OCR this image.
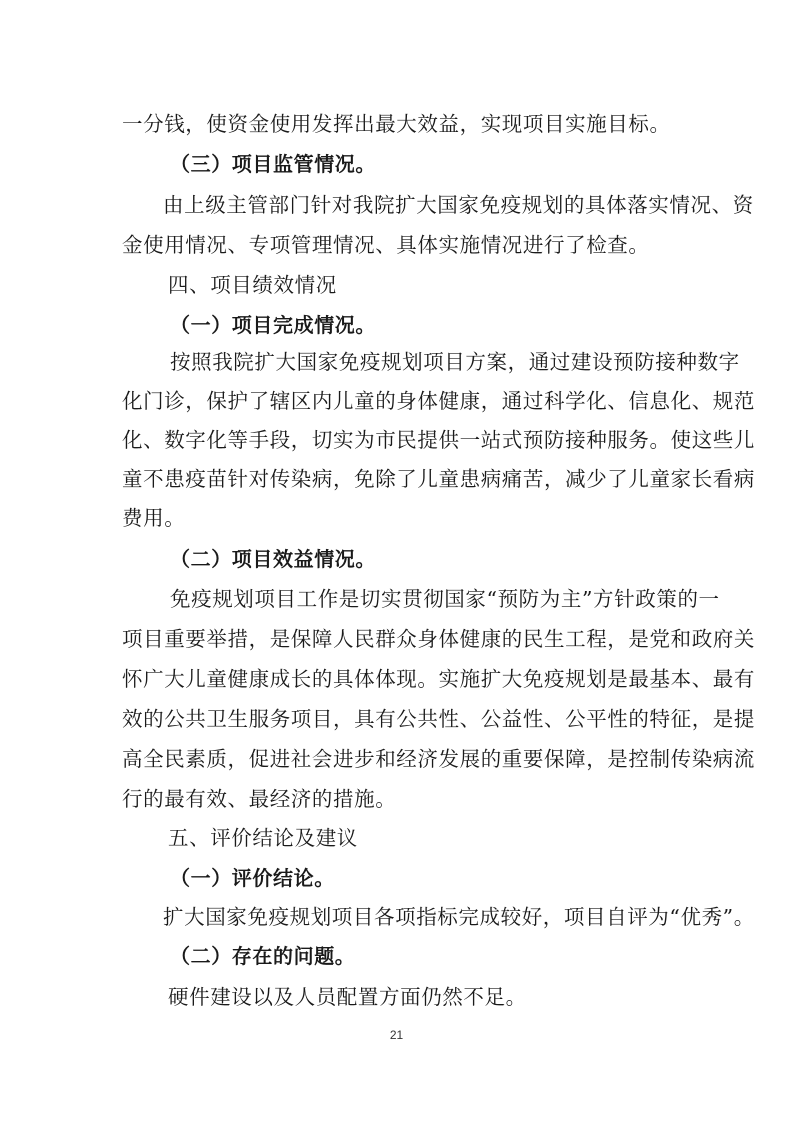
一分钱，使资金使用发挥出最大效益，实现项目实施目标。
（三）项目监管情况。
由上级主管部门针对我院扩大国家免疫规划的具体落实情况、资
金使用情况、专项管理情况、具体实施情况进行了检查。
四、项目绩效情况
（一）项目完成情况。
按照我院扩大国家免疫规划项目方案，通过建设预防接种数字
化门诊，保护了辖区内儿童的身体健康，通过科学化、信息化、规范
化、数字化等手段，切实为市民提供一站式预防接种服务。使这些儿
童不患疫苗针对传染病，免除了儿童患病痛苦，减少了儿童家长看病
费用。
（二）项目效益情况。
免疫规划项目工作是切实贯彻国家“预防为主”方针政策的一
项目重要举措，是保障人民群众身体健康的民生工程，是党和政府关
怀广大儿童健康成长的具体体现。实施扩大免疫规划是最基本、最有
效的公共卫生服务项目，具有公共性、公益性、公平性的特征，是提
高全民素质，促进社会进步和经济发展的重要保障，是控制传染病流
行的最有效、最经济的措施。
五、评价结论及建议
（一）评价结论。
扩大国家免疫规划项目各项指标完成较好，项目自评为“优秀”。
（二）存在的问题。
硬件建设以及人员配置方面仍然不足。
21
